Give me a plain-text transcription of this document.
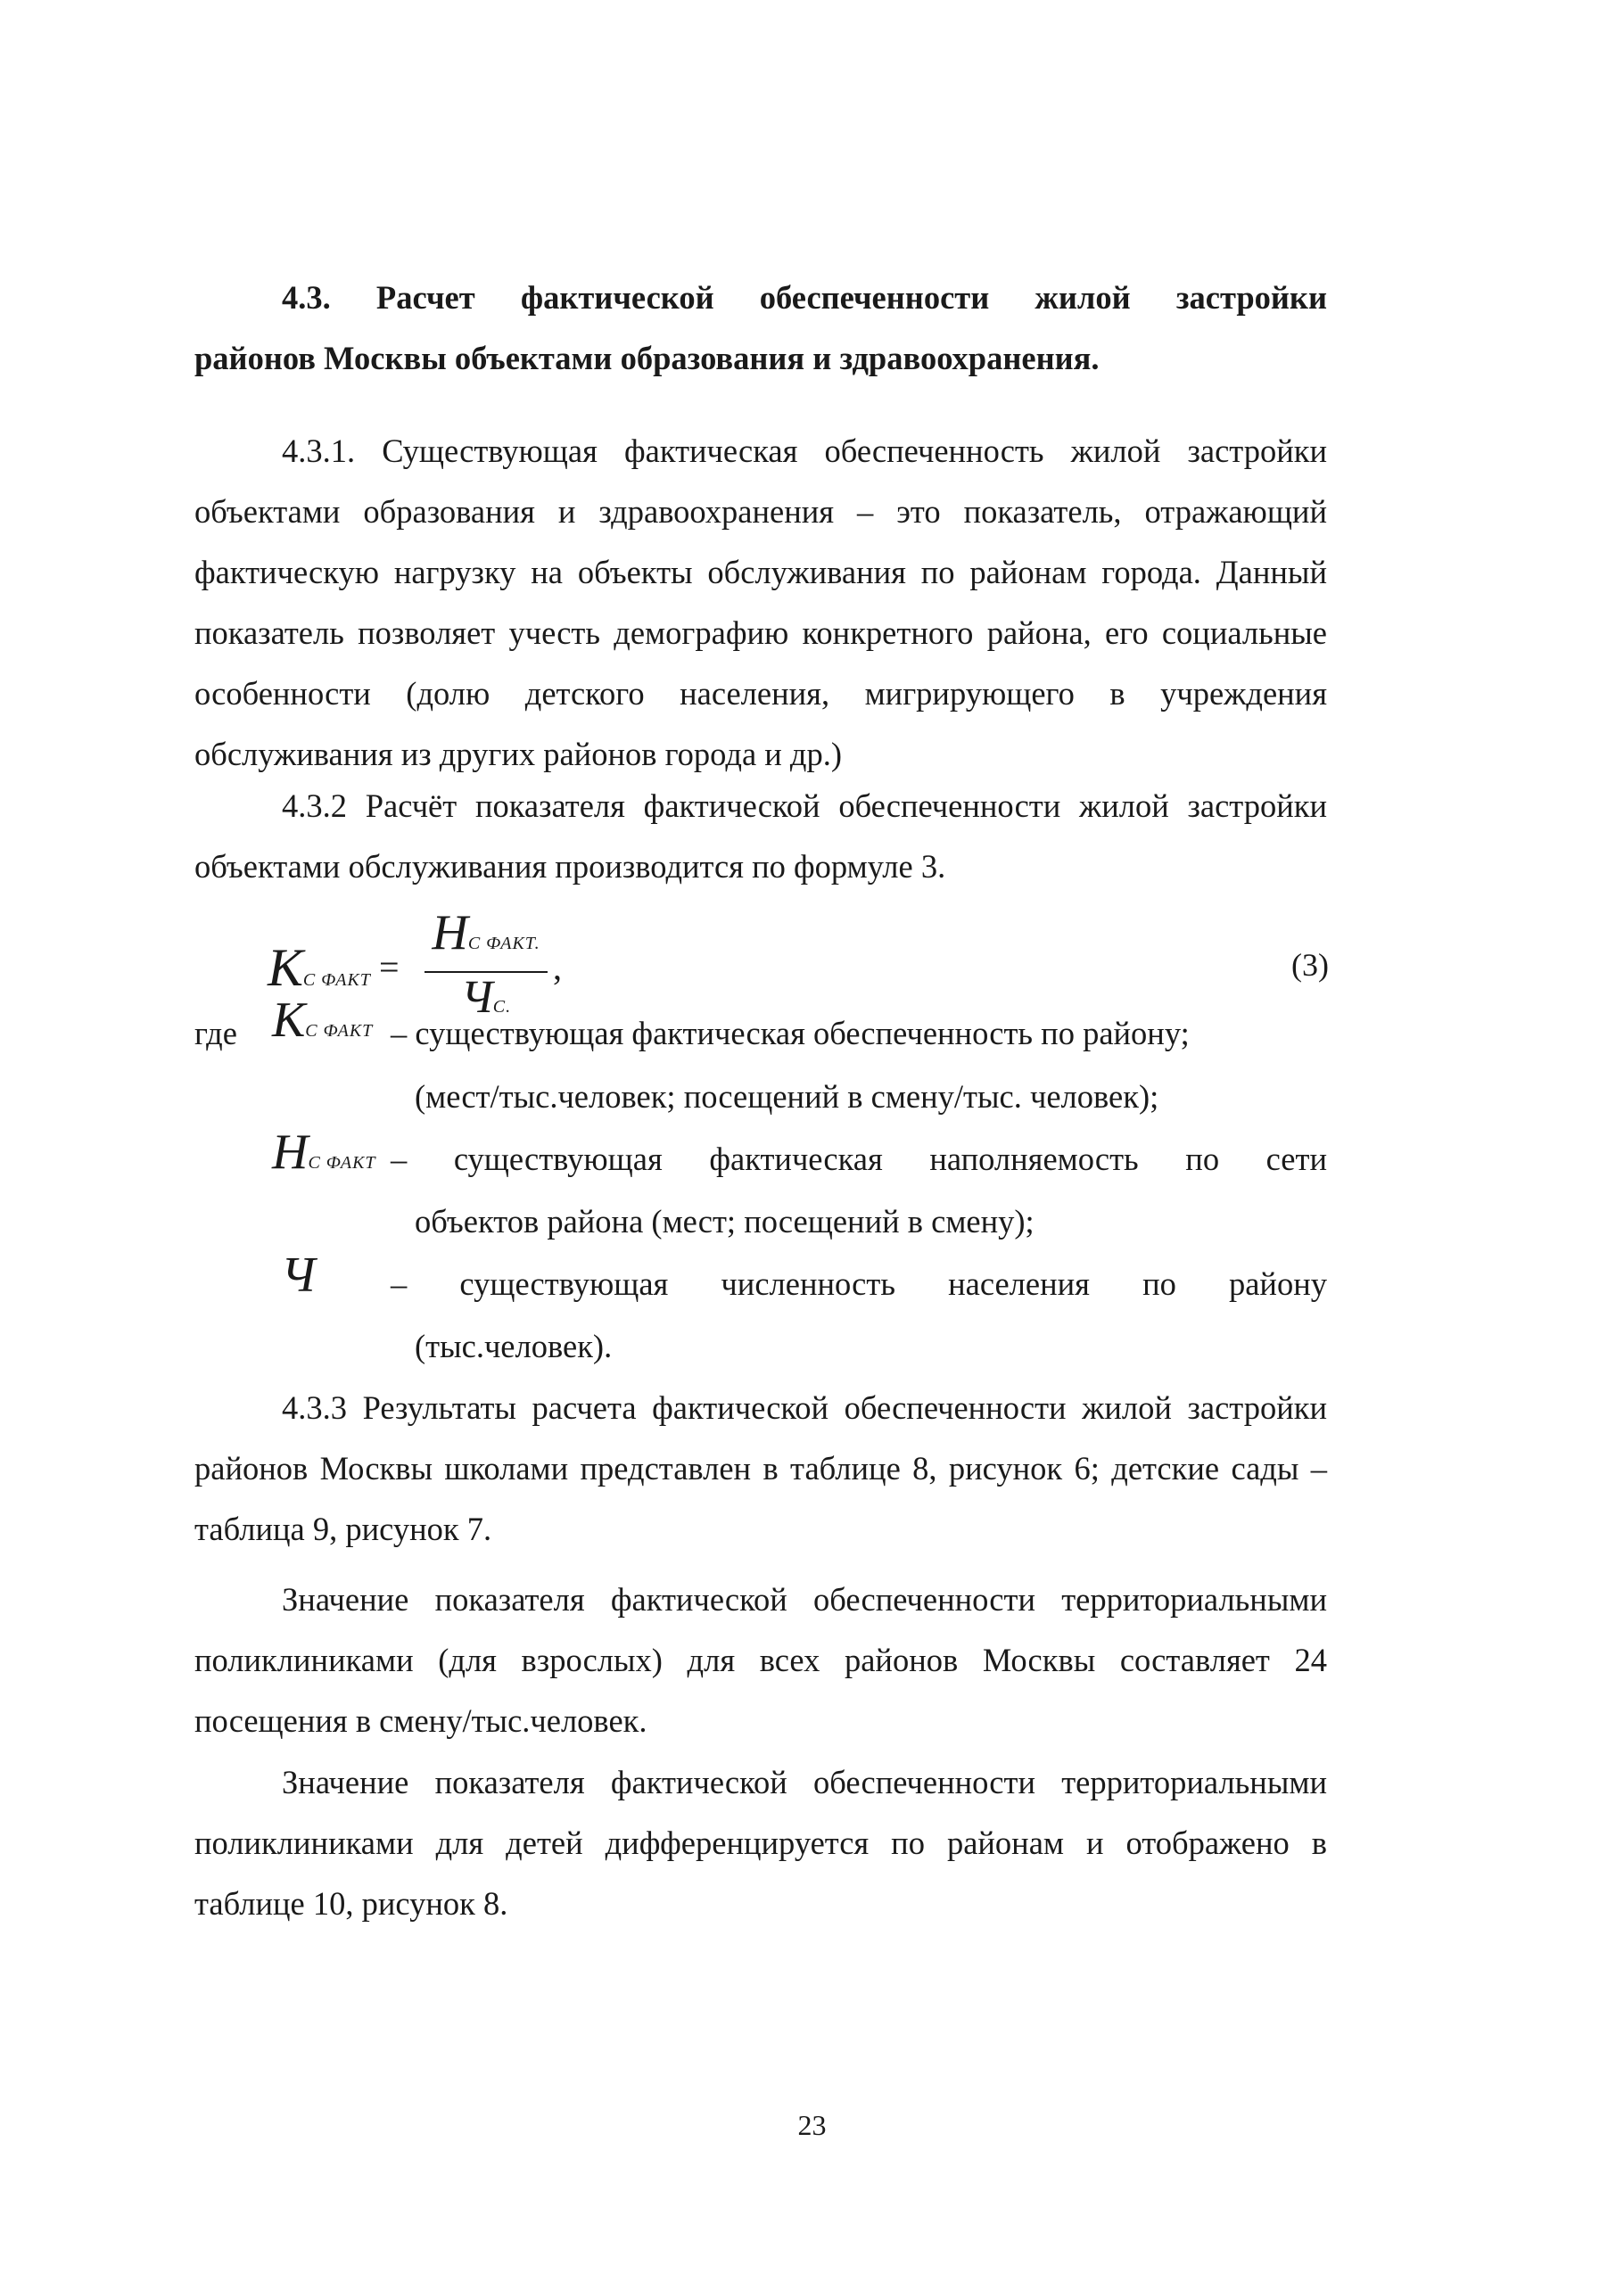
4.3. Расчет фактической обеспеченности жилой застройки
районов Москвы объектами образования и здравоохранения.
4.3.1. Существующая фактическая обеспеченность жилой застройки объектами образования и здравоохранения – это показатель, отражающий фактическую нагрузку на объекты обслуживания по районам города. Данный показатель позволяет учесть демографию конкретного района, его социальные особенности (долю детского населения, мигрирующего в учреждения обслуживания из других районов города и др.)
4.3.2 Расчёт показателя фактической обеспеченности жилой застройки объектами обслуживания производится по формуле 3.
КС ФАКТ =
НС ФАКТ.
ЧС.
,	(3)
где КС ФАКТ – существующая фактическая обеспеченность по району;
(мест/тыс.человек; посещений в смену/тыс. человек);
НС ФАКТ – существующая фактическая наполняемость по сети
объектов района (мест; посещений в смену);
Ч – существующая численность населения по району
(тыс.человек).
4.3.3 Результаты расчета фактической обеспеченности жилой застройки районов Москвы школами представлен в таблице 8, рисунок 6; детские сады – таблица 9, рисунок 7.
Значение показателя фактической обеспеченности территориальными поликлиниками (для взрослых) для всех районов Москвы составляет 24 посещения в смену/тыс.человек.
Значение показателя фактической обеспеченности территориальными поликлиниками для детей дифференцируется по районам и отображено в таблице 10, рисунок 8.
23
